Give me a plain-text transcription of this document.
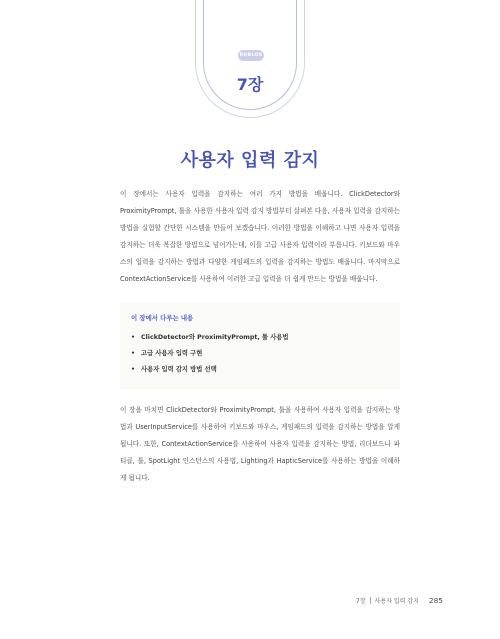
ROBLOX
7장
사용자 입력 감지

이 장에서는 사용자 입력을 감지하는 여러 가지 방법을 배웁니다. ClickDetector와 ProximityPrompt, 툴을 사용한 사용자 입력 감지 방법부터 살펴본 다음, 사용자 입력을 감지하는 방법을 실험할 간단한 시스템을 만들어 보겠습니다. 이러한 방법을 이해하고 나면 사용자 입력을 감지하는 더욱 복잡한 방법으로 넘어가는데, 이를 고급 사용자 입력이라 부릅니다. 키보드와 마우스의 입력을 감지하는 방법과 다양한 게임패드의 입력을 감지하는 방법도 배웁니다. 마지막으로 ContextActionService를 사용하여 이러한 고급 입력을 더 쉽게 만드는 방법을 배웁니다.

이 장에서 다루는 내용
• ClickDetector와 ProximityPrompt, 툴 사용법
• 고급 사용자 입력 구현
• 사용자 입력 감지 방법 선택

이 장을 마치면 ClickDetector와 ProximityPrompt, 툴을 사용하여 사용자 입력을 감지하는 방법과 UserInputService를 사용하여 키보드와 마우스, 게임패드의 입력을 감지하는 방법을 알게 됩니다. 또한, ContextActionService를 사용하여 사용자 입력을 감지하는 방법, 리더보드나 파티클, 툴, SpotLight 인스턴스의 사용법, Lighting과 HapticService를 사용하는 방법을 이해하게 됩니다.

7장 사용자 입력 감지 285
